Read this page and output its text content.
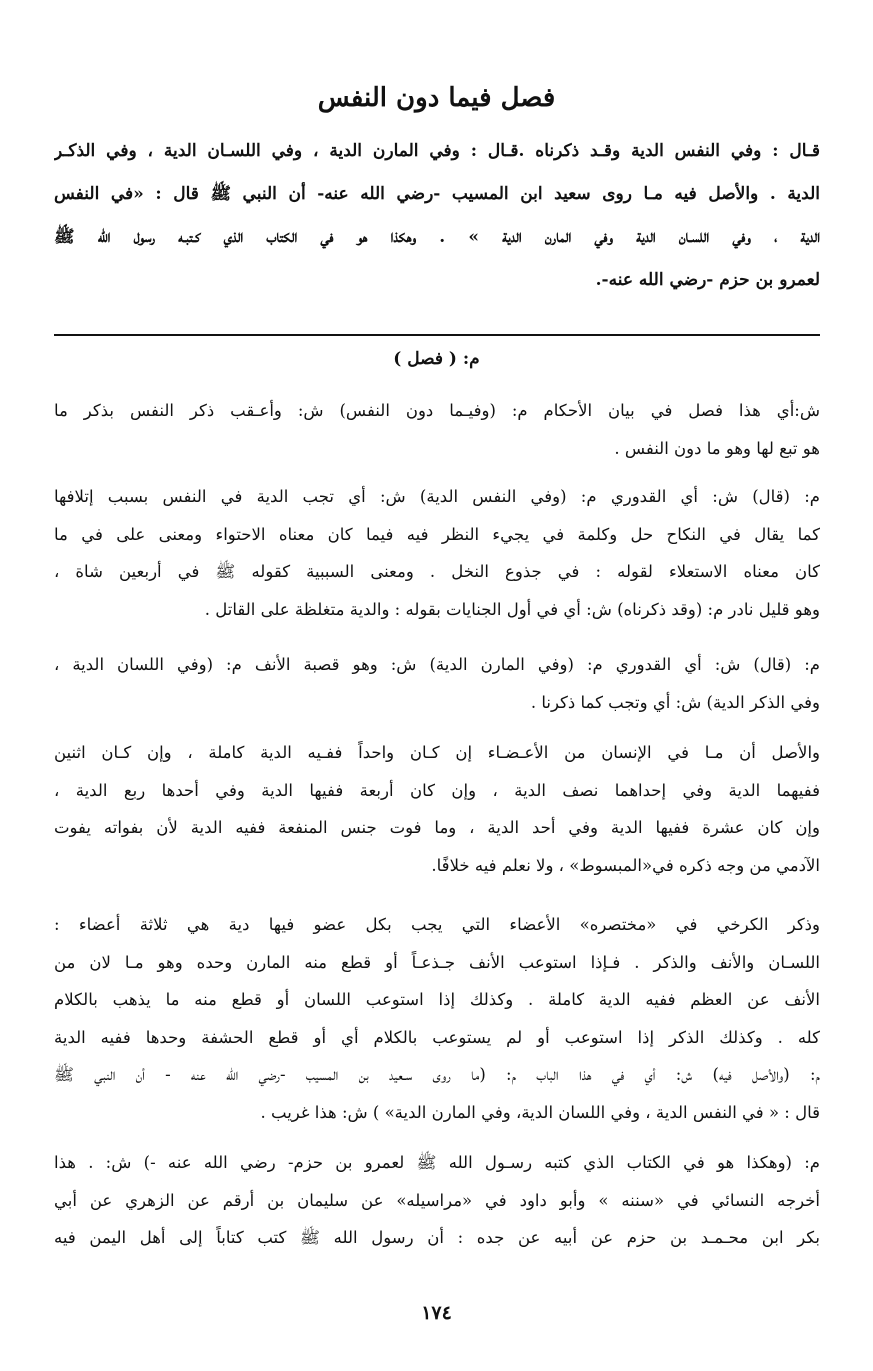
فصل فيما دون النفس
قـال : وفي النفس الدية وقـد ذكرناه .قـال : وفي المارن الدية ، وفي اللسـان الدية ، وفي الذكـر
الدية . والأصل فيه مـا روى سعيد ابن المسيب -رضي الله عنه- أن النبي ﷺ قال : «في النفس
الدية ، وفي اللسـان الدية وفي المارن الدية » . وهكذا هو في الكتاب الذي كـتبـه رسول الله ﷺ
لعمرو بن حزم -رضي الله عنه-.
م: ( فصل )
ش:أي هذا فصل في بيان الأحكام م: (وفيـما دون النفس) ش: وأعـقب ذكر النفس بذكر ما
هو تبع لها وهو ما دون النفس .
م: (قال) ش: أي القدوري م: (وفي النفس الدية) ش: أي تجب الدية في النفس بسبب إتلافها
كما يقال في النكاح حل وكلمة في يجيء النظر فيه فيما كان معناه الاحتواء ومعنى على في ما
كان معناه الاستعلاء لقوله : في جذوع النخل . ومعنى السببية كقوله ﷺ في أربعين شاة ،
وهو قليل نادر م: (وقد ذكرناه) ش: أي في أول الجنايات بقوله : والدية متغلظة على القاتل .
م: (قال) ش: أي القدوري م: (وفي المارن الدية) ش: وهو قصبة الأنف م: (وفي اللسان الدية ،
وفي الذكر الدية) ش: أي وتجب كما ذكرنا .
والأصل أن مـا في الإنسان من الأعـضـاء إن كـان واحداً ففـيه الدية كاملة ، وإن كـان اثنين
ففيهما الدية وفي إحداهما نصف الدية ، وإن كان أربعة ففيها الدية وفي أحدها ربع الدية ،
وإن كان عشرة ففيها الدية وفي أحد الدية ، وما فوت جنس المنفعة ففيه الدية لأن بفواته يفوت
الآدمي من وجه ذكره في«المبسوط» ، ولا نعلم فيه خلافًا.
وذكر الكرخي في «مختصره» الأعضاء التي يجب بكل عضو فيها دية هي ثلاثة أعضاء :
اللسـان والأنف والذكر . فـإذا استوعب الأنف جـذعـاً أو قطع منه المارن وحده وهو مـا لان من
الأنف عن العظم ففيه الدية كاملة . وكذلك إذا استوعب اللسان أو قطع منه ما يذهب بالكلام
كله . وكذلك الذكر إذا استوعب أو لم يستوعب بالكلام أي أو قطع الحشفة وحدها ففيه الدية
م: (والأصل فيه) ش: أي في هذا الباب م: (ما روى سـعيد بن المسيب -رضي الله عنه - أن النبي ﷺ
قال : « في النفس الدية ، وفي اللسان الدية، وفي المارن الدية» ) ش: هذا غريب .
م: (وهكذا هو في الكتاب الذي كتبه رسـول الله ﷺ لعمرو بن حزم- رضي الله عنه -) ش: . هذا
أخرجه النسائي في «سننه » وأبو داود في «مراسيله» عن سليمان بن أرقم عن الزهري عن أبي
بكر ابن محـمـد بن حزم عن أبيه عن جده : أن رسول الله ﷺ كتب كتاباً إلى أهل اليمن فيه
١٧٤
